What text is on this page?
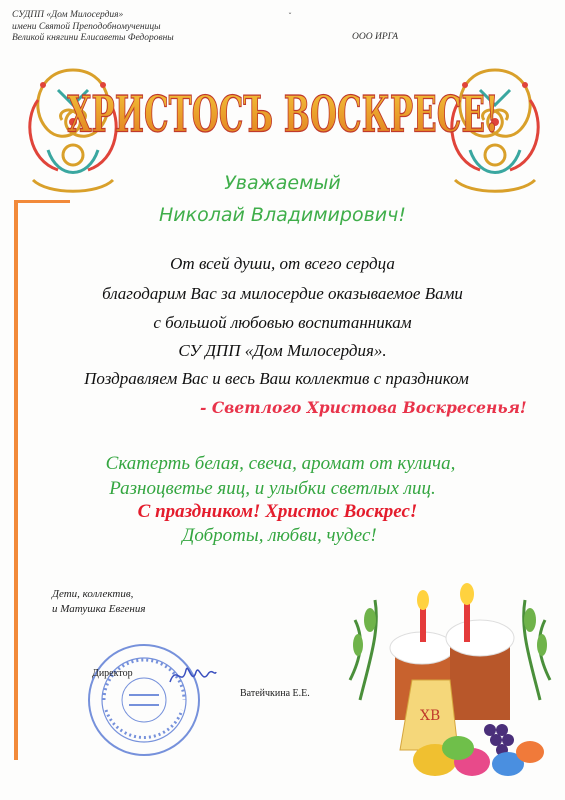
ˇ
СУДПП «Дом Милосердия»
имени Святой Преподобномученицы
Великой княгини Елисаветы Федоровны	ООО ИРГА
ХРИСТОСЪ ВОСКРЕСЕ!
Уважаемый
Николай Владимирович!
От всей души, от всего сердца
благодарим Вас за милосердие оказываемое Вами
с большой любовью воспитанникам
СУ ДПП «Дом Милосердия».
Поздравляем Вас и весь Ваш коллектив с праздником
- Светлого Христова Воскресенья!
Скатерть белая, свеча, аромат от кулича,
Разноцветье яиц, и улыбки светлых лиц.
С праздником! Христос Воскрес!
Доброты, любви, чудес!
Дети, коллектив,
и Матушка Евгения
Директор
Ватейчкина Е.Е.
ХВ
